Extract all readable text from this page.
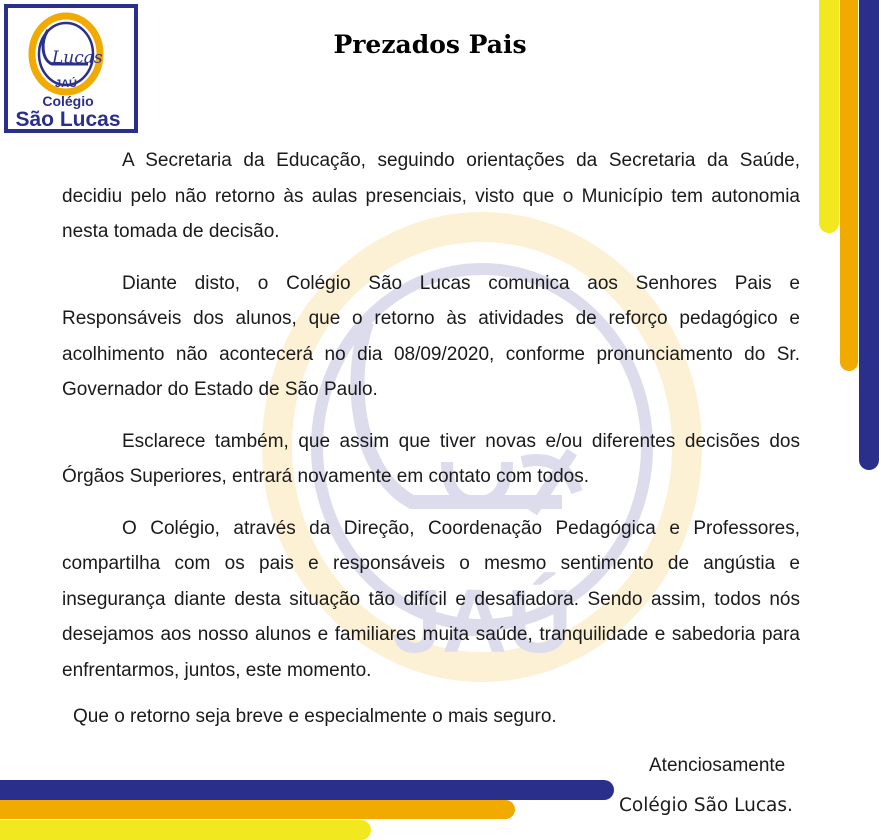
JAÚ
Lucas
JAÚ
Colégio
São Lucas
Prezados Pais

A Secretaria da Educação, seguindo orientações da Secretaria da Saúde, decidiu pelo não retorno às aulas presenciais, visto que o Município tem autonomia nesta tomada de decisão.

Diante disto, o Colégio São Lucas comunica aos Senhores Pais e Responsáveis dos alunos, que o retorno às atividades de reforço pedagógico e acolhimento não acontecerá no dia 08/09/2020, conforme pronunciamento do Sr. Governador do Estado de São Paulo.

Esclarece também, que assim que tiver novas e/ou diferentes decisões dos Órgãos Superiores, entrará novamente em contato com todos.

O Colégio, através da Direção, Coordenação Pedagógica e Professores, compartilha com os pais e responsáveis o mesmo sentimento de angústia e insegurança diante desta situação tão difícil e desafiadora. Sendo assim, todos nós desejamos aos nosso alunos e familiares muita saúde, tranquilidade e sabedoria para enfrentarmos, juntos, este momento.

Que o retorno seja breve e especialmente o mais seguro.
Atenciosamente
Colégio São Lucas.
